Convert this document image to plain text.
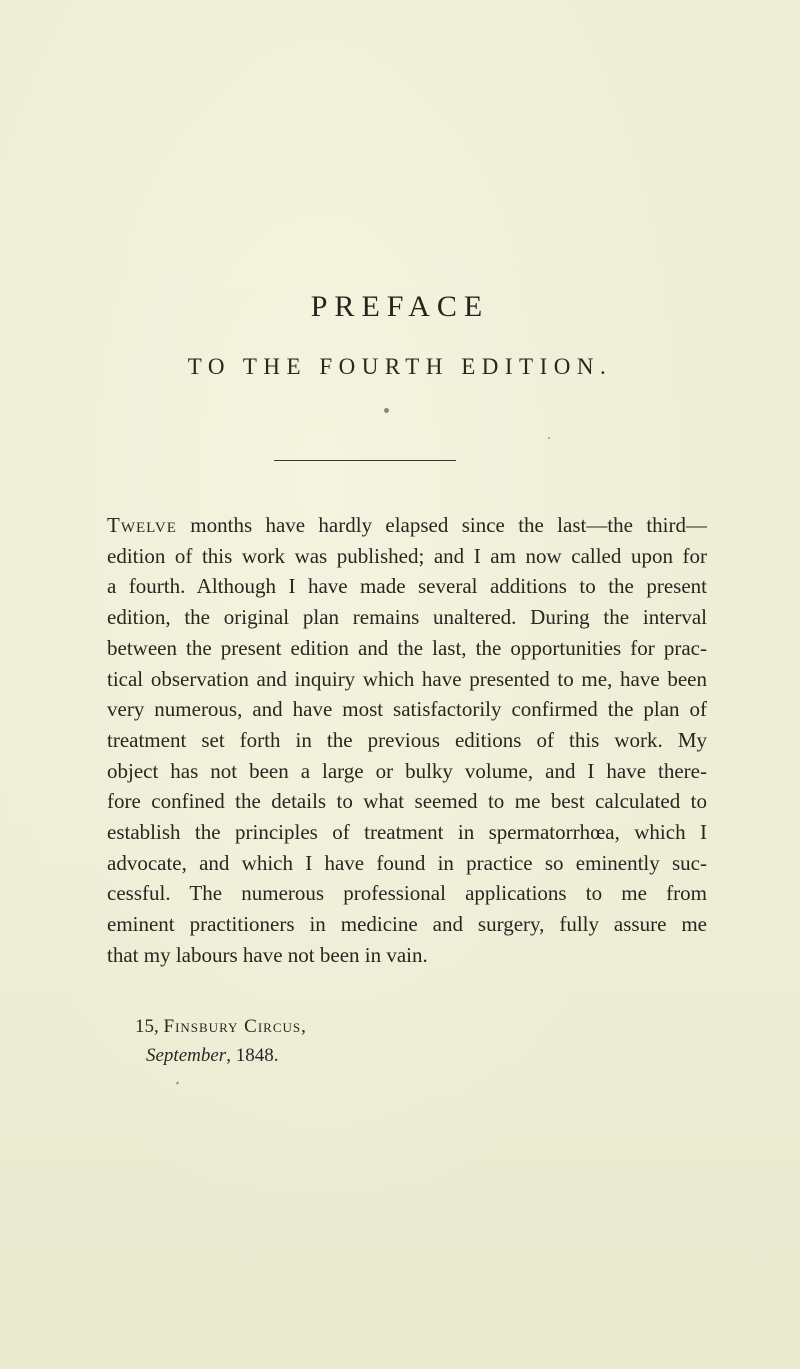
PREFACE
TO THE FOURTH EDITION.
Twelve months have hardly elapsed since the last—the third—
edition of this work was published; and I am now called upon for
a fourth. Although I have made several additions to the present
edition, the original plan remains unaltered. During the interval
between the present edition and the last, the opportunities for prac-
tical observation and inquiry which have presented to me, have been
very numerous, and have most satisfactorily confirmed the plan of
treatment set forth in the previous editions of this work. My
object has not been a large or bulky volume, and I have there-
fore confined the details to what seemed to me best calculated to
establish the principles of treatment in spermatorrhœa, which I
advocate, and which I have found in practice so eminently suc-
cessful. The numerous professional applications to me from
eminent practitioners in medicine and surgery, fully assure me
that my labours have not been in vain.
15, Finsbury Circus,
September, 1848.
